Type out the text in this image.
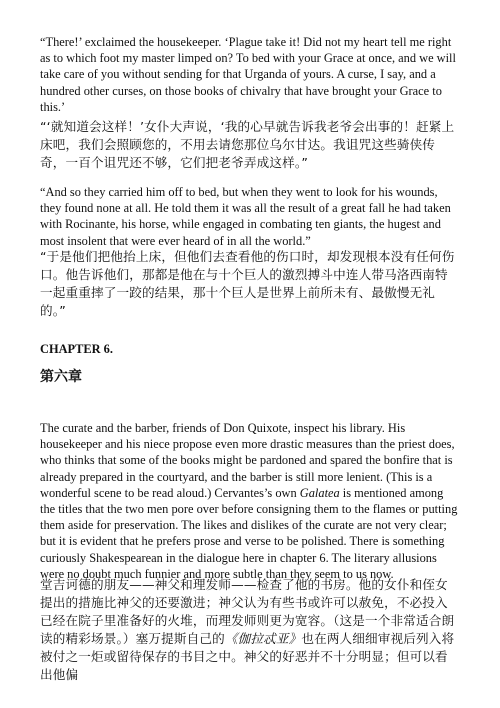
“There!’ exclaimed the housekeeper. ‘Plague take it! Did not my heart tell me right as to which foot my master limped on? To bed with your Grace at once, and we will take care of you without sending for that Urganda of yours. A curse, I say, and a hundred other curses, on those books of chivalry that have brought your Grace to this.’

“‘就知道会这样！’女仆大声说，‘我的心早就告诉我老爷会出事的！赶紧上床吧，我们会照顾您的，不用去请您那位乌尔甘达。我诅咒这些骑侠传奇，一百个诅咒还不够，它们把老爷弄成这样。”

“And so they carried him off to bed, but when they went to look for his wounds, they found none at all. He told them it was all the result of a great fall he had taken with Rocinante, his horse, while engaged in combating ten giants, the hugest and most insolent that were ever heard of in all the world.”

“于是他们把他抬上床，但他们去查看他的伤口时，却发现根本没有任何伤口。他告诉他们，那都是他在与十个巨人的激烈搏斗中连人带马洛西南特一起重重摔了一跤的结果，那十个巨人是世界上前所未有、最傲慢无礼的。”

CHAPTER 6.
第六章

The curate and the barber, friends of Don Quixote, inspect his library. His housekeeper and his niece propose even more drastic measures than the priest does, who thinks that some of the books might be pardoned and spared the bonfire that is already prepared in the courtyard, and the barber is still more lenient. (This is a wonderful scene to be read aloud.) Cervantes’s own Galatea is mentioned among the titles that the two men pore over before consigning them to the flames or putting them aside for preservation. The likes and dislikes of the curate are not very clear; but it is evident that he prefers prose and verse to be polished. There is something curiously Shakespearean in the dialogue here in chapter 6. The literary allusions were no doubt much funnier and more subtle than they seem to us now.

堂吉诃德的朋友——神父和理发师——检查了他的书房。他的女仆和侄女提出的措施比神父的还要激进；神父认为有些书或许可以赦免，不必投入已经在院子里准备好的火堆，而理发师则更为宽容。（这是一个非常适合朗读的精彩场景。）塞万提斯自己的《伽拉忒亚》也在两人细细审视后列入将被付之一炬或留待保存的书目之中。神父的好恶并不十分明显；但可以看出他偏
